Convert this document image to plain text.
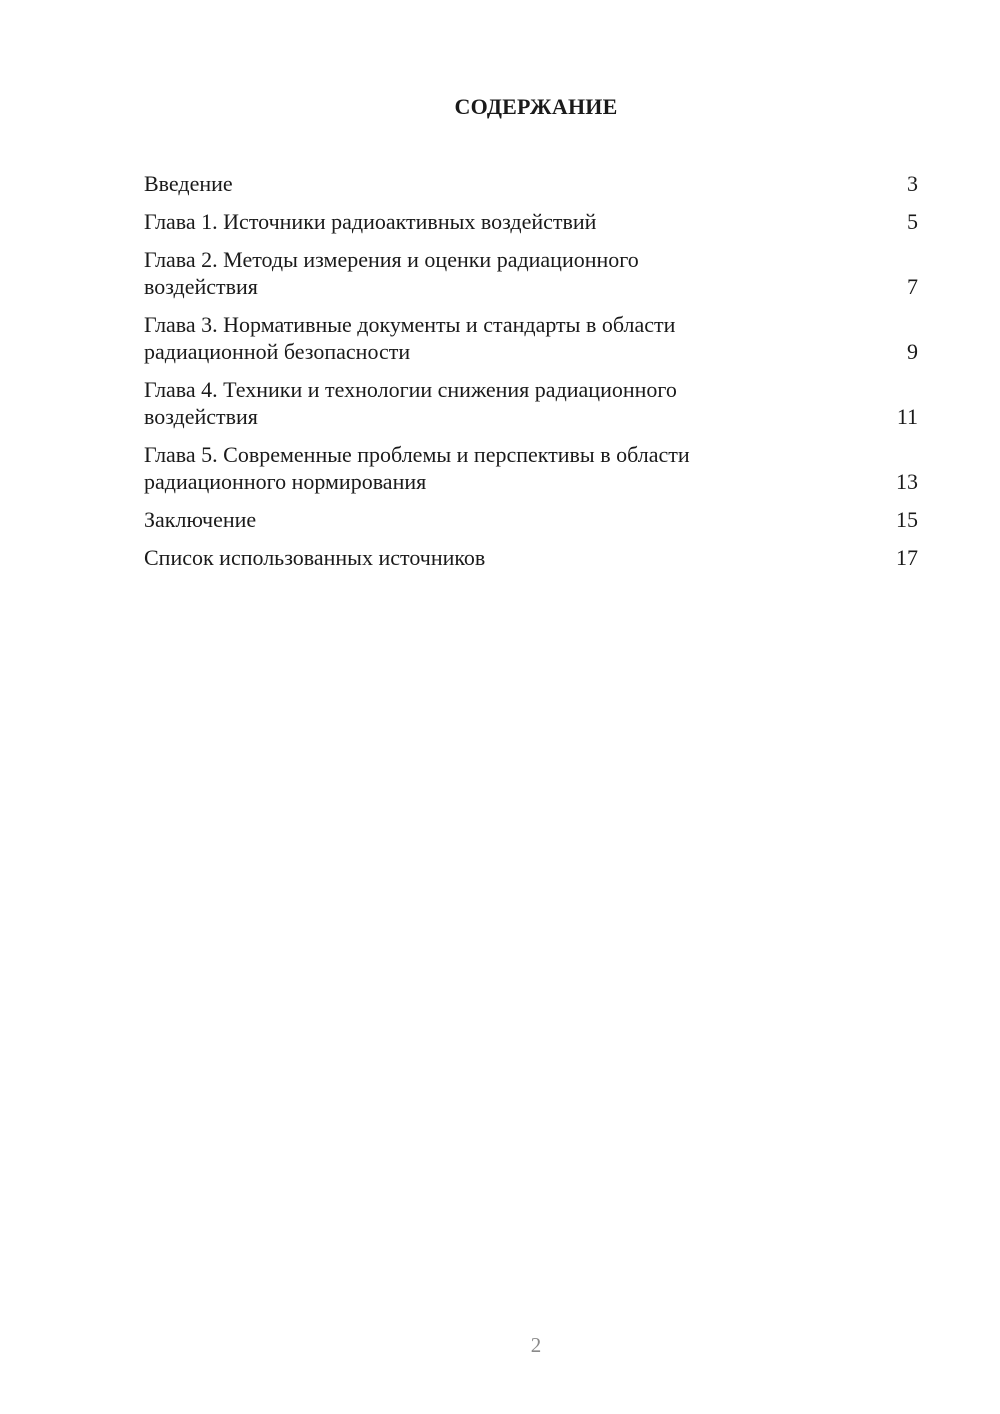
СОДЕРЖАНИЕ
Введение	3
Глава 1. Источники радиоактивных воздействий	5
Глава 2. Методы измерения и оценки радиационного
воздействия	7
Глава 3. Нормативные документы и стандарты в области
радиационной безопасности	9
Глава 4. Техники и технологии снижения радиационного
воздействия	11
Глава 5. Современные проблемы и перспективы в области
радиационного нормирования	13
Заключение	15
Список использованных источников	17
2
